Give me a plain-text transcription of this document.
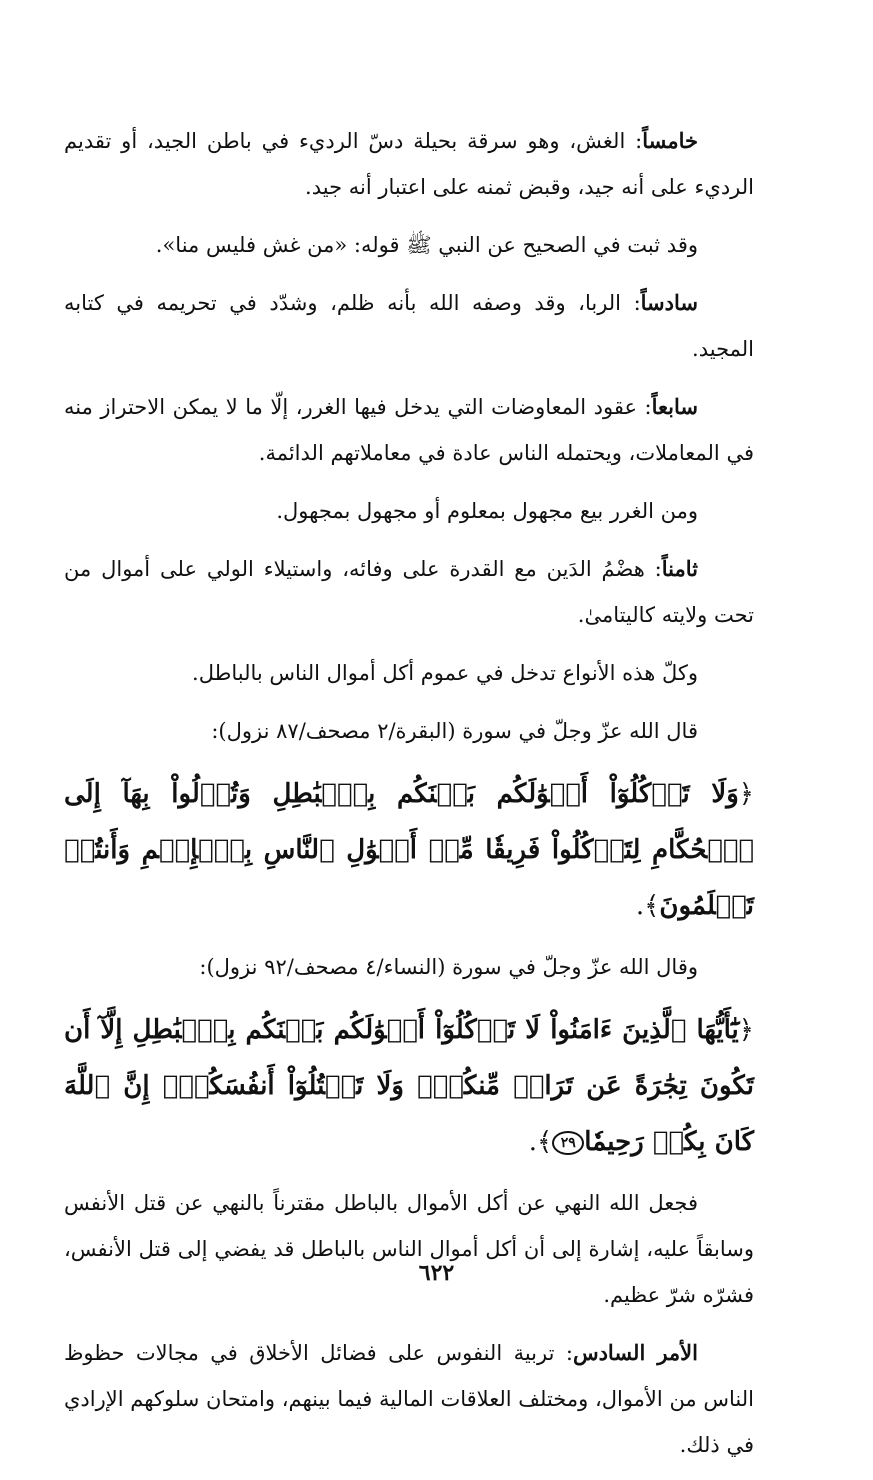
خامساً: الغش، وهو سرقة بحيلة دسّ الرديء في باطن الجيد، أو تقديم الرديء على أنه جيد، وقبض ثمنه على اعتبار أنه جيد.

وقد ثبت في الصحيح عن النبي ﷺ قوله: «من غش فليس منا».

سادساً: الربا، وقد وصفه الله بأنه ظلم، وشدّد في تحريمه في كتابه المجيد.

سابعاً: عقود المعاوضات التي يدخل فيها الغرر، إلّا ما لا يمكن الاحتراز منه في المعاملات، ويحتمله الناس عادة في معاملاتهم الدائمة.

ومن الغرر بيع مجهول بمعلوم أو مجهول بمجهول.

ثامناً: هضْمُ الدَين مع القدرة على وفائه، واستيلاء الولي على أموال من تحت ولايته كاليتامىٰ.

وكلّ هذه الأنواع تدخل في عموم أكل أموال الناس بالباطل.

قال الله عزّ وجلّ في سورة (البقرة/٢ مصحف/٨٧ نزول):

﴿وَلَا تَأۡكُلُوٓاْ أَمۡوَٰلَكُم بَيۡنَكُم بِٱلۡبَٰطِلِ وَتُدۡلُواْ بِهَآ إِلَى ٱلۡحُكَّامِ لِتَأۡكُلُواْ فَرِيقٗا مِّنۡ أَمۡوَٰلِ ٱلنَّاسِ بِٱلۡإِثۡمِ وَأَنتُمۡ تَعۡلَمُونَ﴾.

وقال الله عزّ وجلّ في سورة (النساء/٤ مصحف/٩٢ نزول):

﴿يَٰٓأَيُّهَا ٱلَّذِينَ ءَامَنُواْ لَا تَأۡكُلُوٓاْ أَمۡوَٰلَكُم بَيۡنَكُم بِٱلۡبَٰطِلِ إِلَّآ أَن تَكُونَ تِجَٰرَةً عَن تَرَاضٖ مِّنكُمۡۚ وَلَا تَقۡتُلُوٓاْ أَنفُسَكُمۡۚ إِنَّ ٱللَّهَ كَانَ بِكُمۡ رَحِيمٗا٢٩﴾.

فجعل الله النهي عن أكل الأموال بالباطل مقترناً بالنهي عن قتل الأنفس وسابقاً عليه، إشارة إلى أن أكل أموال الناس بالباطل قد يفضي إلى قتل الأنفس، فشرّه شرّ عظيم.

الأمر السادس: تربية النفوس على فضائل الأخلاق في مجالات حظوظ الناس من الأموال، ومختلف العلاقات المالية فيما بينهم، وامتحان سلوكهم الإرادي في ذلك.

٦٢٢
